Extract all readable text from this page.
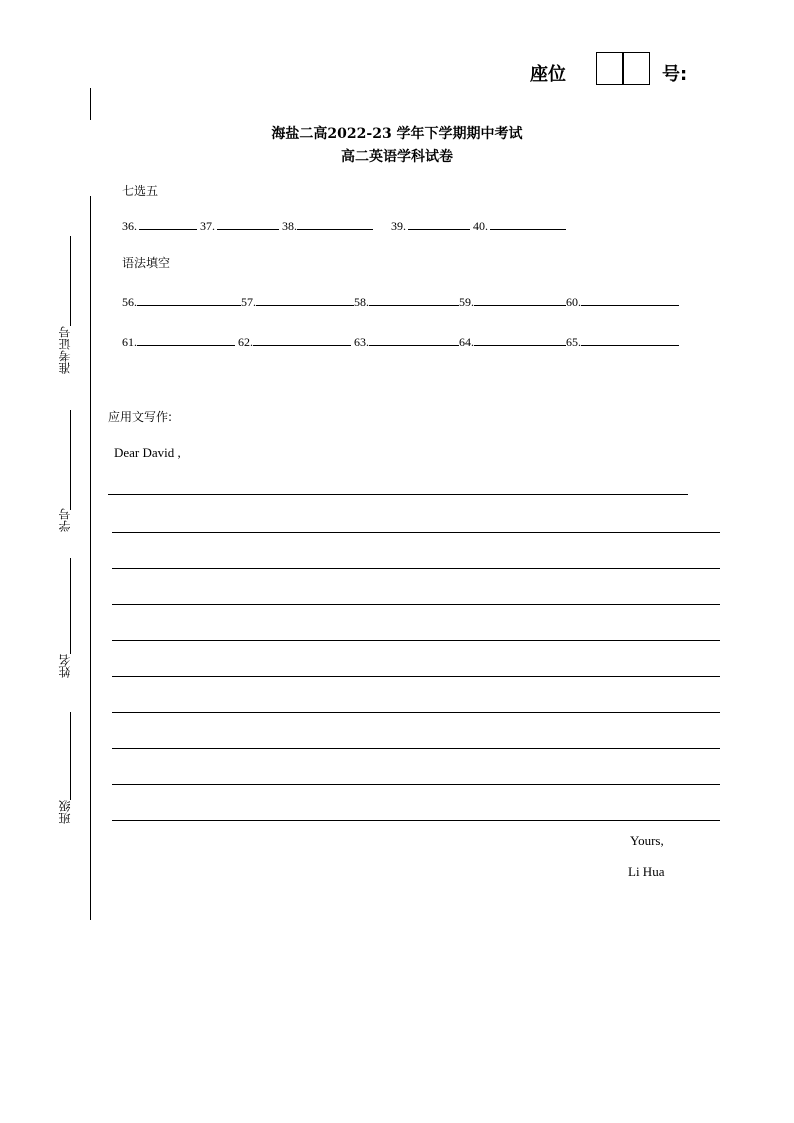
座位	号:
准考证号
学号
姓名
班级
海盐二高2022-23 学年下学期期中考试
高二英语学科试卷
七选五
36.	37.	38.	39.	40.
语法填空
56.	57.	58.	59.	60.
61.	62.	63.	64.	65.
应用文写作:
Dear David ,
Yours,
Li Hua
